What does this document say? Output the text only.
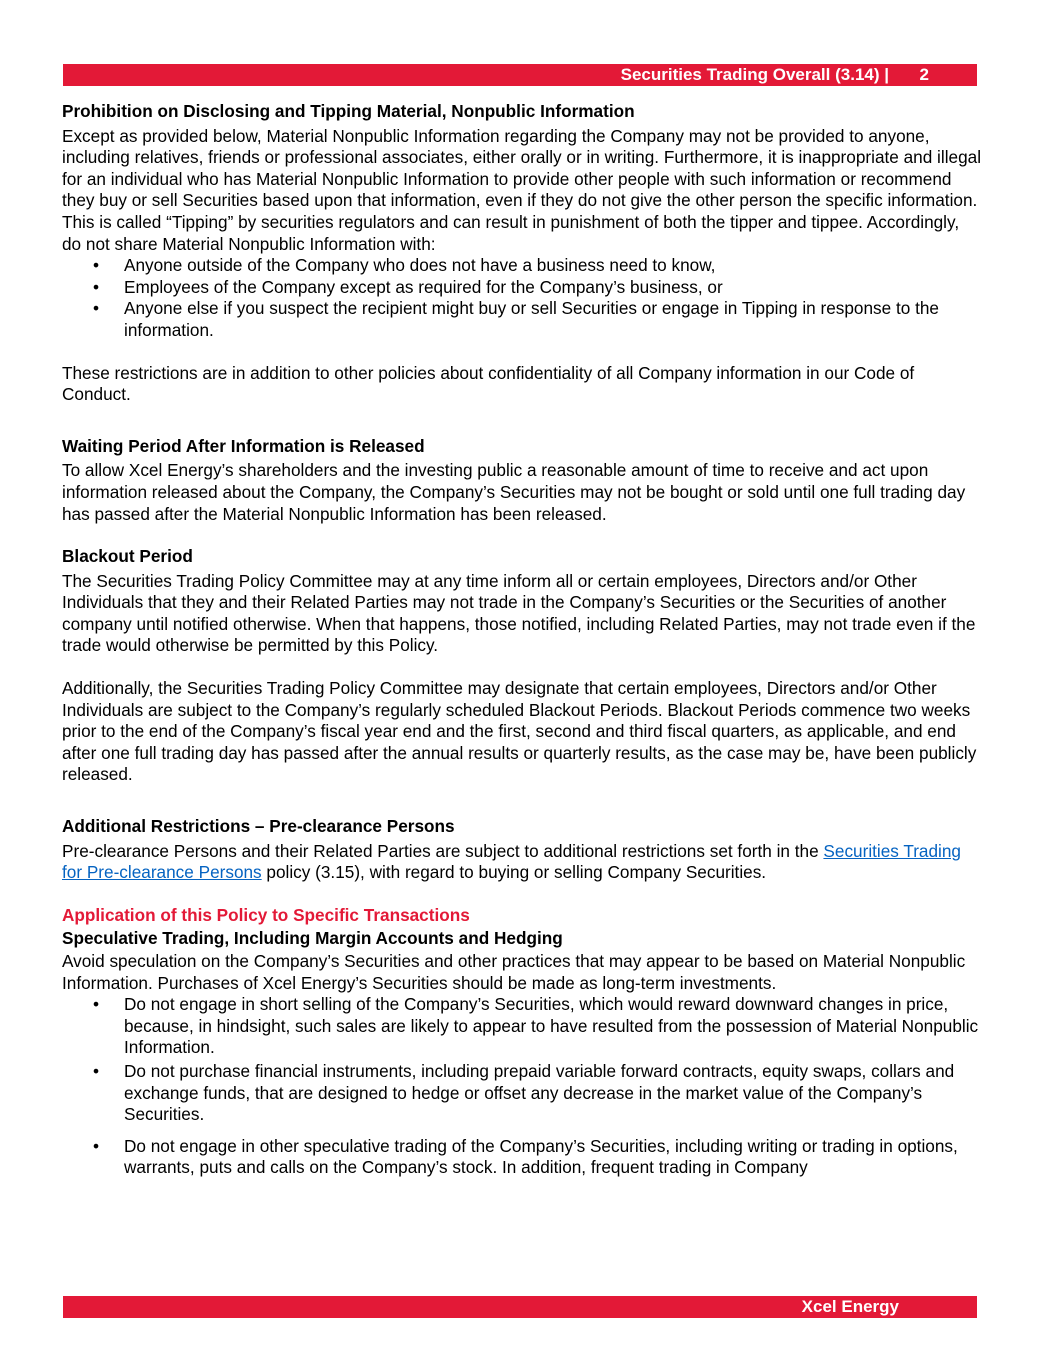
Securities Trading Overall (3.14) | 2

Prohibition on Disclosing and Tipping Material, Nonpublic Information

Except as provided below, Material Nonpublic Information regarding the Company may not be provided to anyone, including relatives, friends or professional associates, either orally or in writing. Furthermore, it is inappropriate and illegal for an individual who has Material Nonpublic Information to provide other people with such information or recommend they buy or sell Securities based upon that information, even if they do not give the other person the specific information. This is called “Tipping” by securities regulators and can result in punishment of both the tipper and tippee. Accordingly, do not share Material Nonpublic Information with:

• Anyone outside of the Company who does not have a business need to know,
• Employees of the Company except as required for the Company’s business, or
• Anyone else if you suspect the recipient might buy or sell Securities or engage in Tipping in response to the information.

These restrictions are in addition to other policies about confidentiality of all Company information in our Code of Conduct.

Waiting Period After Information is Released

To allow Xcel Energy’s shareholders and the investing public a reasonable amount of time to receive and act upon information released about the Company, the Company’s Securities may not be bought or sold until one full trading day has passed after the Material Nonpublic Information has been released.

Blackout Period

The Securities Trading Policy Committee may at any time inform all or certain employees, Directors and/or Other Individuals that they and their Related Parties may not trade in the Company’s Securities or the Securities of another company until notified otherwise. When that happens, those notified, including Related Parties, may not trade even if the trade would otherwise be permitted by this Policy.

Additionally, the Securities Trading Policy Committee may designate that certain employees, Directors and/or Other Individuals are subject to the Company’s regularly scheduled Blackout Periods. Blackout Periods commence two weeks prior to the end of the Company’s fiscal year end and the first, second and third fiscal quarters, as applicable, and end after one full trading day has passed after the annual results or quarterly results, as the case may be, have been publicly released.

Additional Restrictions – Pre-clearance Persons

Pre-clearance Persons and their Related Parties are subject to additional restrictions set forth in the Securities Trading for Pre-clearance Persons policy (3.15), with regard to buying or selling Company Securities.

Application of this Policy to Specific Transactions

Speculative Trading, Including Margin Accounts and Hedging

Avoid speculation on the Company’s Securities and other practices that may appear to be based on Material Nonpublic Information. Purchases of Xcel Energy’s Securities should be made as long-term investments.

• Do not engage in short selling of the Company’s Securities, which would reward downward changes in price, because, in hindsight, such sales are likely to appear to have resulted from the possession of Material Nonpublic Information.
• Do not purchase financial instruments, including prepaid variable forward contracts, equity swaps, collars and exchange funds, that are designed to hedge or offset any decrease in the market value of the Company’s Securities.
• Do not engage in other speculative trading of the Company’s Securities, including writing or trading in options, warrants, puts and calls on the Company’s stock. In addition, frequent trading in Company
Xcel Energy
